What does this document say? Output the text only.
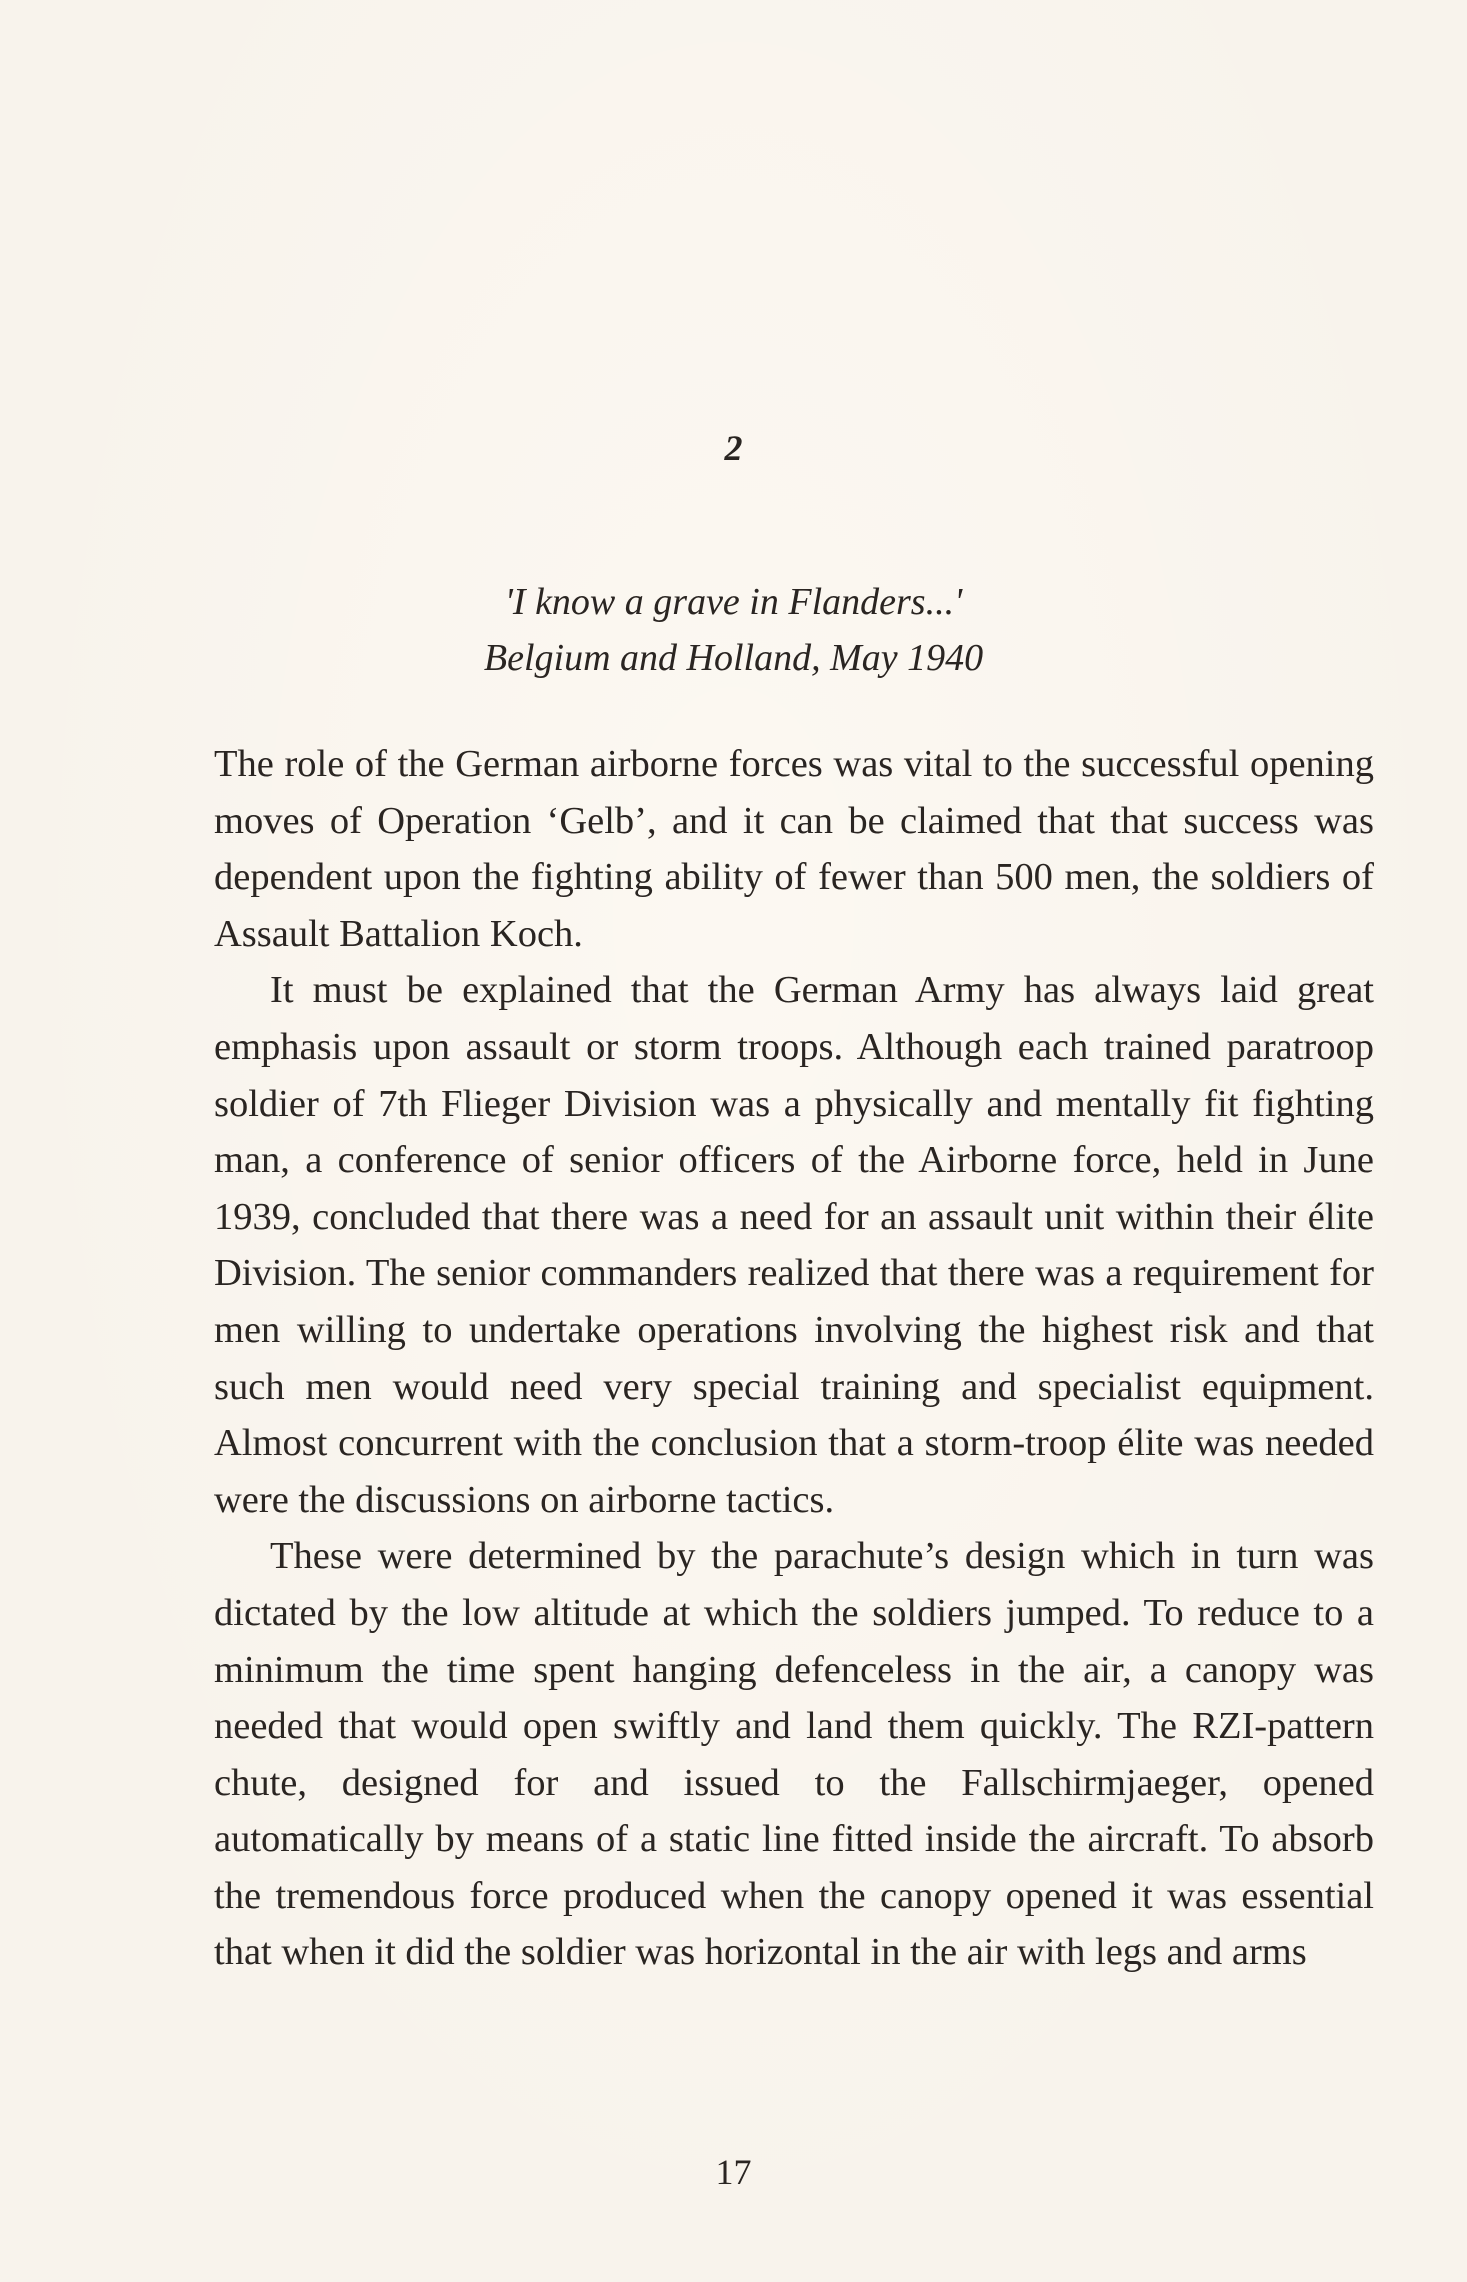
2

'I know a grave in Flanders...'

Belgium and Holland, May 1940

The role of the German airborne forces was vital to the successful opening moves of Operation ‘Gelb’, and it can be claimed that that success was dependent upon the fighting ability of fewer than 500 men, the soldiers of Assault Battalion Koch.

It must be explained that the German Army has always laid great emphasis upon assault or storm troops. Although each trained paratroop soldier of 7th Flieger Division was a physically and mentally fit fighting man, a conference of senior officers of the Airborne force, held in June 1939, concluded that there was a need for an assault unit within their élite Division. The senior commanders realized that there was a requirement for men willing to undertake operations involving the highest risk and that such men would need very special training and specialist equipment. Almost concurrent with the conclusion that a storm-troop élite was needed were the discussions on airborne tactics.

These were determined by the parachute’s design which in turn was dictated by the low altitude at which the soldiers jumped. To reduce to a minimum the time spent hanging defenceless in the air, a canopy was needed that would open swiftly and land them quickly. The RZI-pattern chute, designed for and issued to the Fallschirmjaeger, opened automatically by means of a static line fitted inside the aircraft. To absorb the tremendous force produced when the canopy opened it was essential that when it did the soldier was horizontal in the air with legs and arms

17
